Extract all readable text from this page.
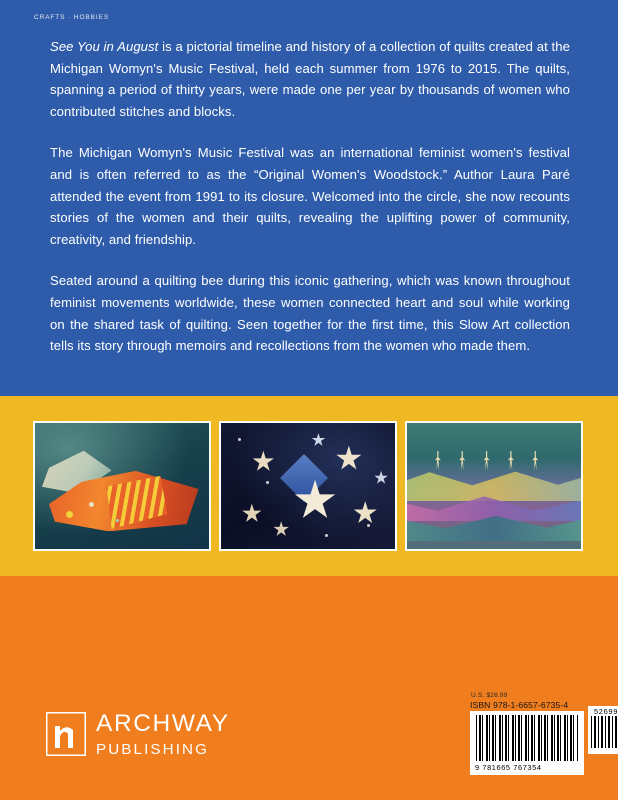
CRAFTS · HOBBIES

See You in August is a pictorial timeline and history of a collection of quilts created at the Michigan Womyn's Music Festival, held each summer from 1976 to 2015. The quilts, spanning a period of thirty years, were made one per year by thousands of women who contributed stitches and blocks.

The Michigan Womyn's Music Festival was an international feminist women's festival and is often referred to as the “Original Women's Woodstock.” Author Laura Paré attended the event from 1991 to its closure. Welcomed into the circle, she now recounts stories of the women and their quilts, revealing the uplifting power of community, creativity, and friendship.

Seated around a quilting bee during this iconic gathering, which was known throughout feminist movements worldwide, these women connected heart and soul while working on the shared task of quilting. Seen together for the first time, this Slow Art collection tells its story through memoirs and recollections from the women who made them.

ARCHWAY
PUBLISHING
U.S. $26.99
ISBN 978-1-6657-6735-4
9 781665 767354
52699
